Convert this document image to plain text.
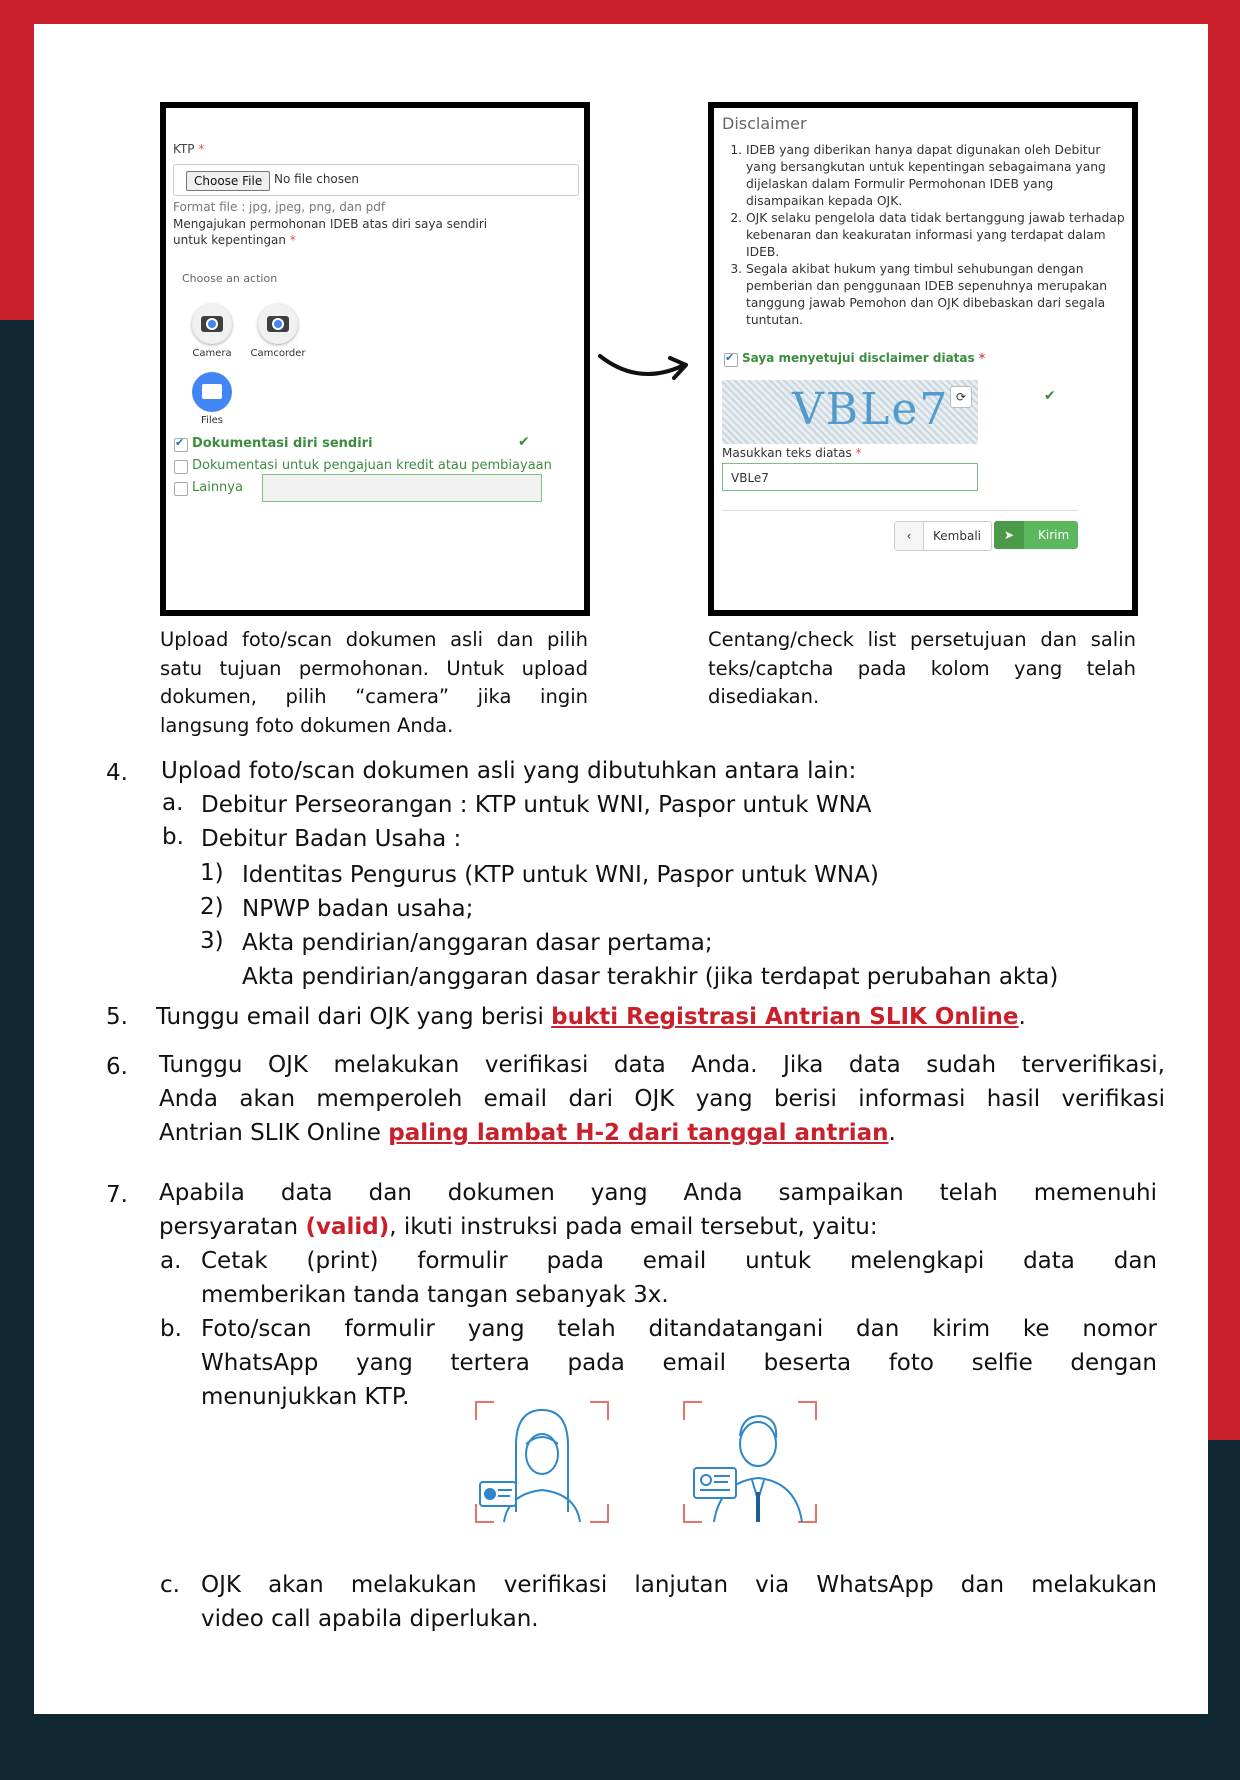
KTP *
Choose File No file chosen
Format file : jpg, jpeg, png, dan pdf
Mengajukan permohonan IDEB atas diri saya sendiri untuk kepentingan *
Choose an action
Camera	Camcorder
Files
✔
Dokumentasi diri sendiri	✔
Dokumentasi untuk pengajuan kredit atau pembiayaan
Lainnya
Disclaimer
1. IDEB yang diberikan hanya dapat digunakan oleh Debitur yang bersangkutan untuk kepentingan sebagaimana yang dijelaskan dalam Formulir Permohonan IDEB yang disampaikan kepada OJK.
2. OJK selaku pengelola data tidak bertanggung jawab terhadap kebenaran dan keakuratan informasi yang terdapat dalam IDEB.
3. Segala akibat hukum yang timbul sehubungan dengan pemberian dan penggunaan IDEB sepenuhnya merupakan tanggung jawab Pemohon dan OJK dibebaskan dari segala tuntutan.
✔
Saya menyetujui disclaimer diatas *
VBLe7 ⟳	✔
Masukkan teks diatas *
VBLe7
‹	Kembali	➤	Kirim
Upload foto/scan dokumen asli dan pilih satu tujuan permohonan. Untuk upload dokumen, pilih “camera” jika ingin langsung foto dokumen Anda.
Centang/check list persetujuan dan salin teks/captcha pada kolom yang telah disediakan.
4. Upload foto/scan dokumen asli yang dibutuhkan antara lain:
a. Debitur Perseorangan : KTP untuk WNI, Paspor untuk WNA
b. Debitur Badan Usaha :
1) Identitas Pengurus (KTP untuk WNI, Paspor untuk WNA)
2) NPWP badan usaha;
3) Akta pendirian/anggaran dasar pertama;
Akta pendirian/anggaran dasar terakhir (jika terdapat perubahan akta)
5. Tunggu email dari OJK yang berisi bukti Registrasi Antrian SLIK Online.
6. Tunggu OJK melakukan verifikasi data Anda. Jika data sudah terverifikasi,
Anda akan memperoleh email dari OJK yang berisi informasi hasil verifikasi
Antrian SLIK Online paling lambat H-2 dari tanggal antrian.
7. Apabila data dan dokumen yang Anda sampaikan telah memenuhi
persyaratan (valid), ikuti instruksi pada email tersebut, yaitu:
a. Cetak (print) formulir pada email untuk melengkapi data dan
memberikan tanda tangan sebanyak 3x.
b. Foto/scan formulir yang telah ditandatangani dan kirim ke nomor
WhatsApp yang tertera pada email beserta foto selfie dengan
menunjukkan KTP.
c. OJK akan melakukan verifikasi lanjutan via WhatsApp dan melakukan
video call apabila diperlukan.
